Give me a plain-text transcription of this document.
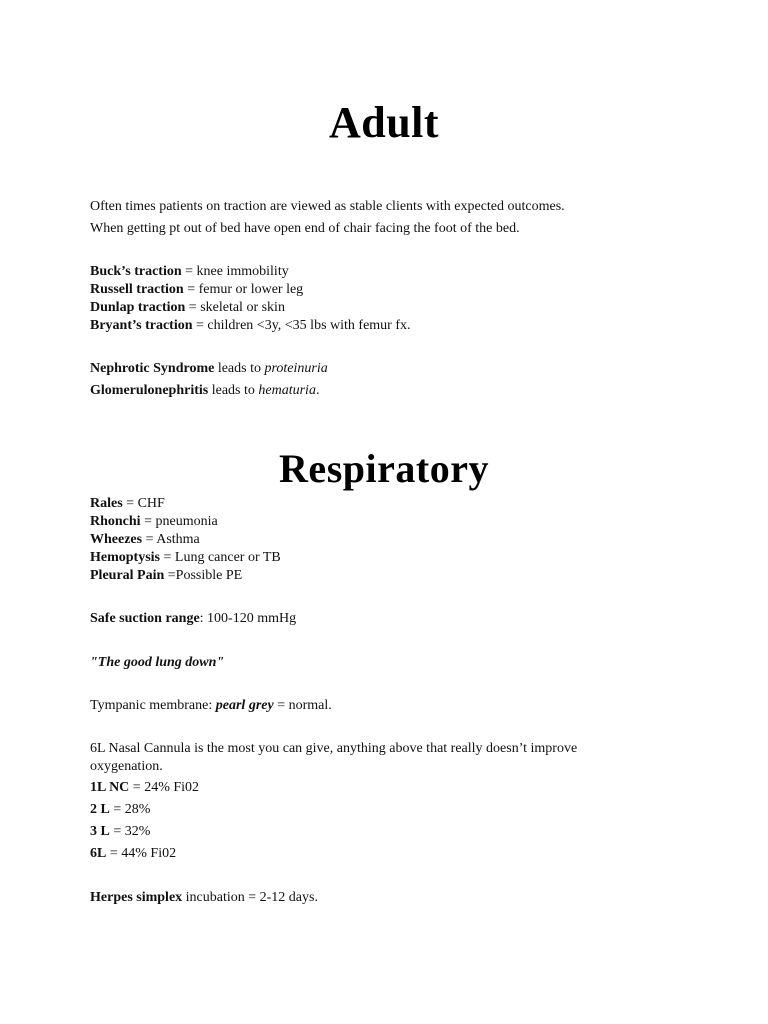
Adult
Often times patients on traction are viewed as stable clients with expected outcomes.
When getting pt out of bed have open end of chair facing the foot of the bed.
Buck’s traction = knee immobility
Russell traction = femur or lower leg
Dunlap traction = skeletal or skin
Bryant’s traction = children <3y, <35 lbs with femur fx.
Nephrotic Syndrome leads to proteinuria
Glomerulonephritis leads to hematuria.
Respiratory
Rales = CHF
Rhonchi = pneumonia
Wheezes = Asthma
Hemoptysis = Lung cancer or TB
Pleural Pain =Possible PE
Safe suction range: 100-120 mmHg
"The good lung down"
Tympanic membrane: pearl grey = normal.
6L Nasal Cannula is the most you can give, anything above that really doesn’t improve oxygenation.
1L NC = 24% Fi02
2 L = 28%
3 L = 32%
6L = 44% Fi02
Herpes simplex incubation = 2-12 days.
